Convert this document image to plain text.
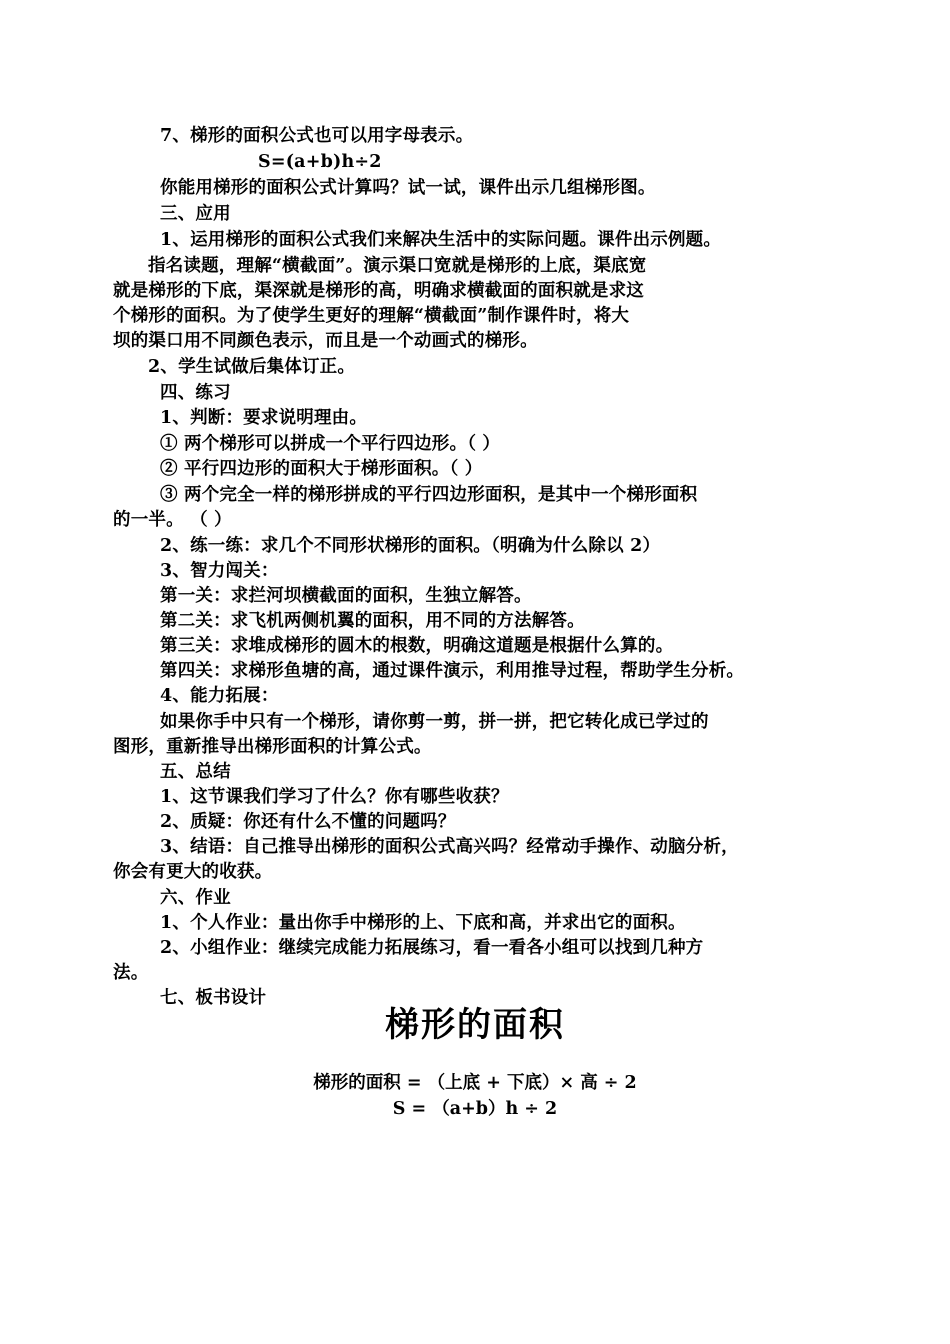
7、梯形的面积公式也可以用字母表示。
S=(a+b)h÷2
你能用梯形的面积公式计算吗？试一试，课件出示几组梯形图。
三、应用
1、运用梯形的面积公式我们来解决生活中的实际问题。课件出示例题。
指名读题，理解“横截面”。演示渠口宽就是梯形的上底，渠底宽
就是梯形的下底，渠深就是梯形的高，明确求横截面的面积就是求这
个梯形的面积。为了使学生更好的理解“横截面”制作课件时，将大
坝的渠口用不同颜色表示，而且是一个动画式的梯形。
2、学生试做后集体订正。
四、练习
1、判断：要求说明理由。
① 两个梯形可以拼成一个平行四边形。（ ）
② 平行四边形的面积大于梯形面积。（ ）
③ 两个完全一样的梯形拼成的平行四边形面积，是其中一个梯形面积
的一半。 （ ）
2、练一练：求几个不同形状梯形的面积。（明确为什么除以 2）
3、智力闯关：
第一关：求拦河坝横截面的面积，生独立解答。
第二关：求飞机两侧机翼的面积，用不同的方法解答。
第三关：求堆成梯形的圆木的根数，明确这道题是根据什么算的。
第四关：求梯形鱼塘的高，通过课件演示，利用推导过程，帮助学生分析。
4、能力拓展：
如果你手中只有一个梯形，请你剪一剪，拼一拼，把它转化成已学过的
图形，重新推导出梯形面积的计算公式。
五、总结
1、这节课我们学习了什么？你有哪些收获？
2、质疑：你还有什么不懂的问题吗？
3、结语：自己推导出梯形的面积公式高兴吗？经常动手操作、动脑分析，
你会有更大的收获。
六、作业
1、个人作业：量出你手中梯形的上、下底和高，并求出它的面积。
2、小组作业：继续完成能力拓展练习，看一看各小组可以找到几种方
法。
七、板书设计
梯形的面积
梯形的面积 = （上底 + 下底）× 高 ÷ 2
S = （a+b）h ÷ 2
